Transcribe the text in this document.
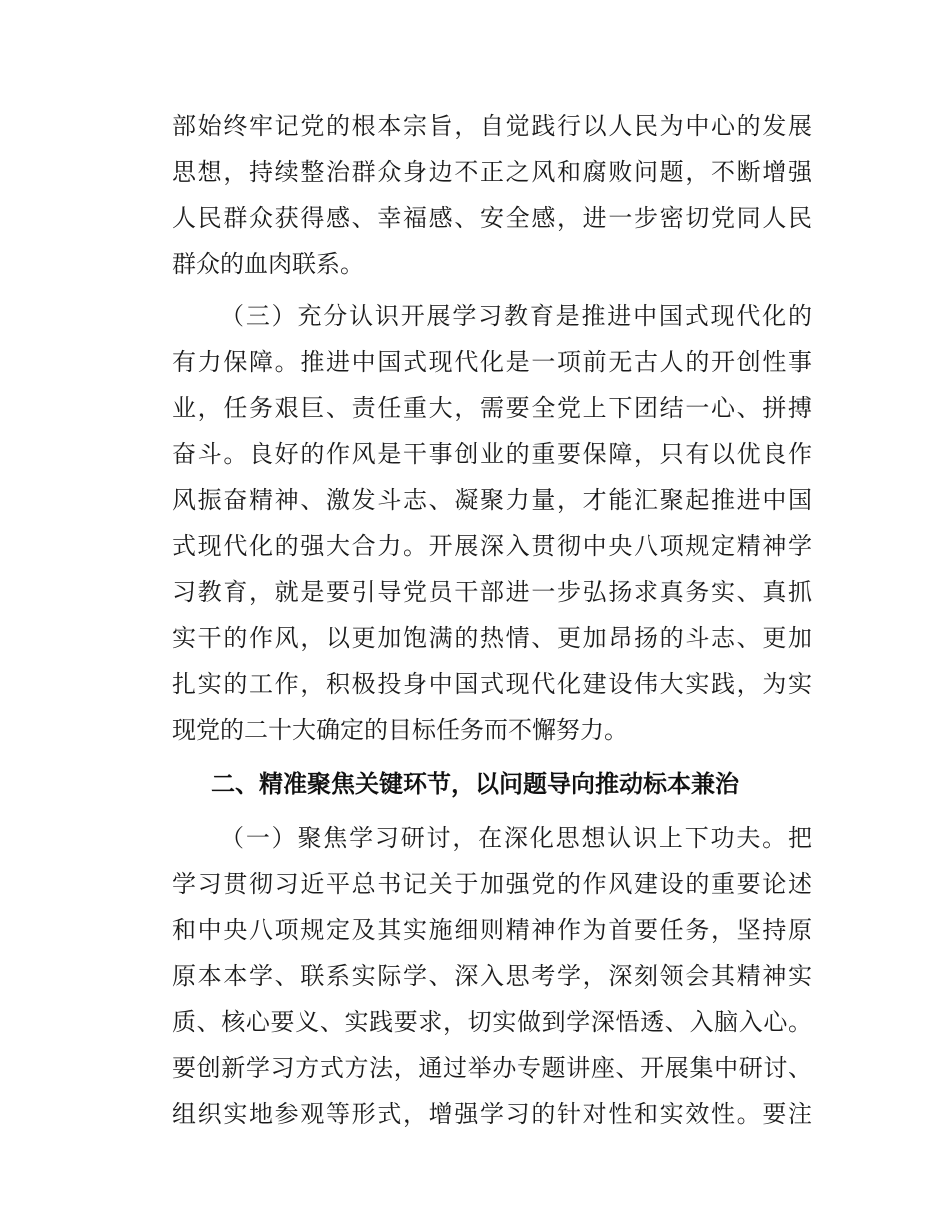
部始终牢记党的根本宗旨，自觉践行以人民为中心的发展
思想，持续整治群众身边不正之风和腐败问题，不断增强
人民群众获得感、幸福感、安全感，进一步密切党同人民
群众的血肉联系。
（三）充分认识开展学习教育是推进中国式现代化的
有力保障。推进中国式现代化是一项前无古人的开创性事
业，任务艰巨、责任重大，需要全党上下团结一心、拼搏
奋斗。良好的作风是干事创业的重要保障，只有以优良作
风振奋精神、激发斗志、凝聚力量，才能汇聚起推进中国
式现代化的强大合力。开展深入贯彻中央八项规定精神学
习教育，就是要引导党员干部进一步弘扬求真务实、真抓
实干的作风，以更加饱满的热情、更加昂扬的斗志、更加
扎实的工作，积极投身中国式现代化建设伟大实践，为实
现党的二十大确定的目标任务而不懈努力。
二、精准聚焦关键环节，以问题导向推动标本兼治
（一）聚焦学习研讨，在深化思想认识上下功夫。把
学习贯彻习近平总书记关于加强党的作风建设的重要论述
和中央八项规定及其实施细则精神作为首要任务，坚持原
原本本学、联系实际学、深入思考学，深刻领会其精神实
质、核心要义、实践要求，切实做到学深悟透、入脑入心。
要创新学习方式方法，通过举办专题讲座、开展集中研讨、
组织实地参观等形式，增强学习的针对性和实效性。要注
